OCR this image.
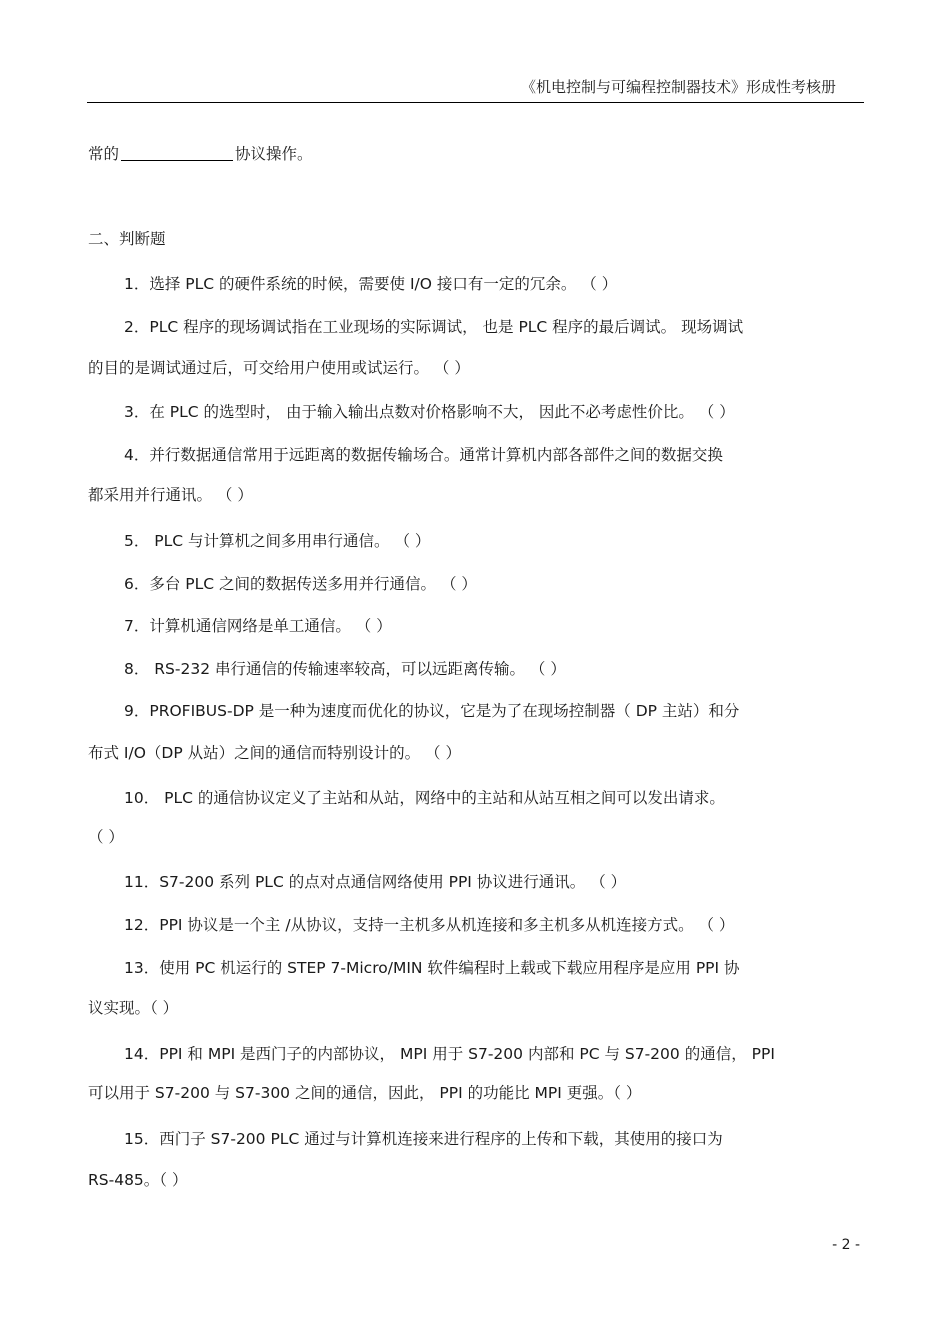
《机电控制与可编程控制器技术》形成性考核册
常的	协议操作。
二、判断题
1．选择 PLC 的硬件系统的时候，需要使 I/O 接口有一定的冗余。 （ ）
2．PLC 程序的现场调试指在工业现场的实际调试， 也是 PLC 程序的最后调试。 现场调试
的目的是调试通过后，可交给用户使用或试运行。 （ ）
3．在 PLC 的选型时， 由于输入输出点数对价格影响不大， 因此不必考虑性价比。 （ ）
4．并行数据通信常用于远距离的数据传输场合。通常计算机内部各部件之间的数据交换
都采用并行通讯。 （ ）
5． PLC 与计算机之间多用串行通信。 （ ）
6．多台 PLC 之间的数据传送多用并行通信。 （ ）
7．计算机通信网络是单工通信。 （ ）
8． RS-232 串行通信的传输速率较高，可以远距离传输。 （ ）
9．PROFIBUS-DP 是一种为速度而优化的协议，它是为了在现场控制器（ DP 主站）和分
布式 I/O（DP 从站）之间的通信而特别设计的。 （ ）
10． PLC 的通信协议定义了主站和从站，网络中的主站和从站互相之间可以发出请求。
（ ）
11．S7-200 系列 PLC 的点对点通信网络使用 PPI 协议进行通讯。 （ ）
12．PPI 协议是一个主 /从协议，支持一主机多从机连接和多主机多从机连接方式。 （ ）
13．使用 PC 机运行的 STEP 7-Micro/MIN 软件编程时上载或下载应用程序是应用 PPI 协
议实现。（ ）
14．PPI 和 MPI 是西门子的内部协议， MPI 用于 S7-200 内部和 PC 与 S7-200 的通信， PPI
可以用于 S7-200 与 S7-300 之间的通信，因此， PPI 的功能比 MPI 更强。（ ）
15．西门子 S7-200 PLC 通过与计算机连接来进行程序的上传和下载，其使用的接口为
RS-485。（ ）
- 2 -
